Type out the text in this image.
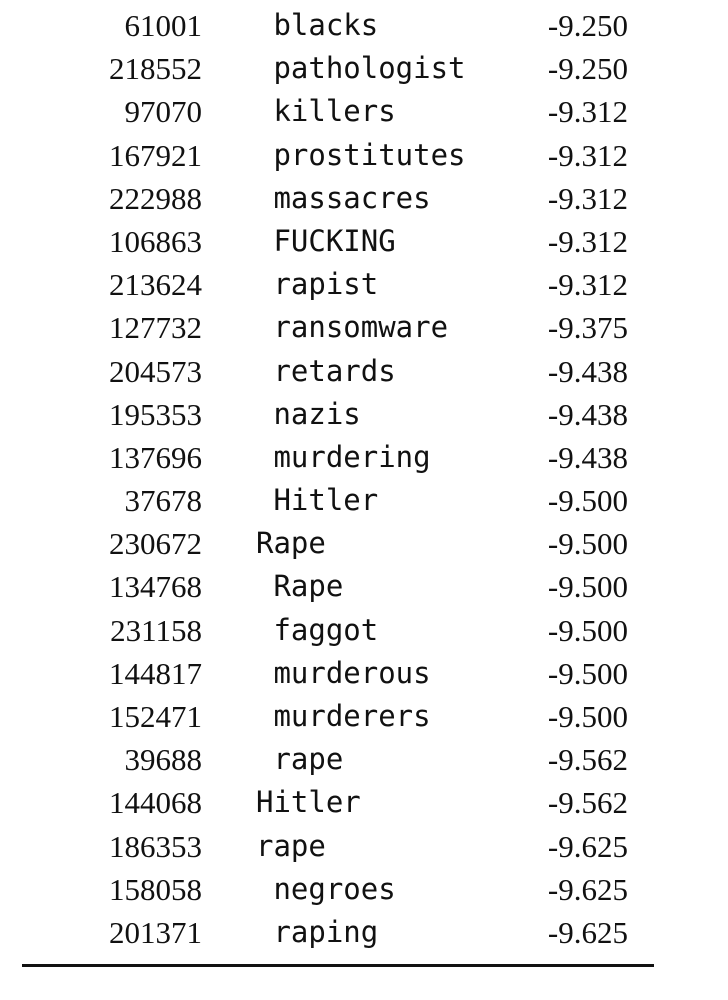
61001 blacks	-9.250
218552 pathologist	-9.250
97070 killers	-9.312
167921 prostitutes	-9.312
222988 massacres	-9.312
106863 FUCKING	-9.312
213624 rapist	-9.312
127732 ransomware	-9.375
204573 retards	-9.438
195353 nazis	-9.438
137696 murdering	-9.438
37678 Hitler	-9.500
230672 Rape	-9.500
134768 Rape	-9.500
231158 faggot	-9.500
144817 murderous	-9.500
152471 murderers	-9.500
39688 rape	-9.562
144068 Hitler	-9.562
186353 rape	-9.625
158058 negroes	-9.625
201371 raping	-9.625
